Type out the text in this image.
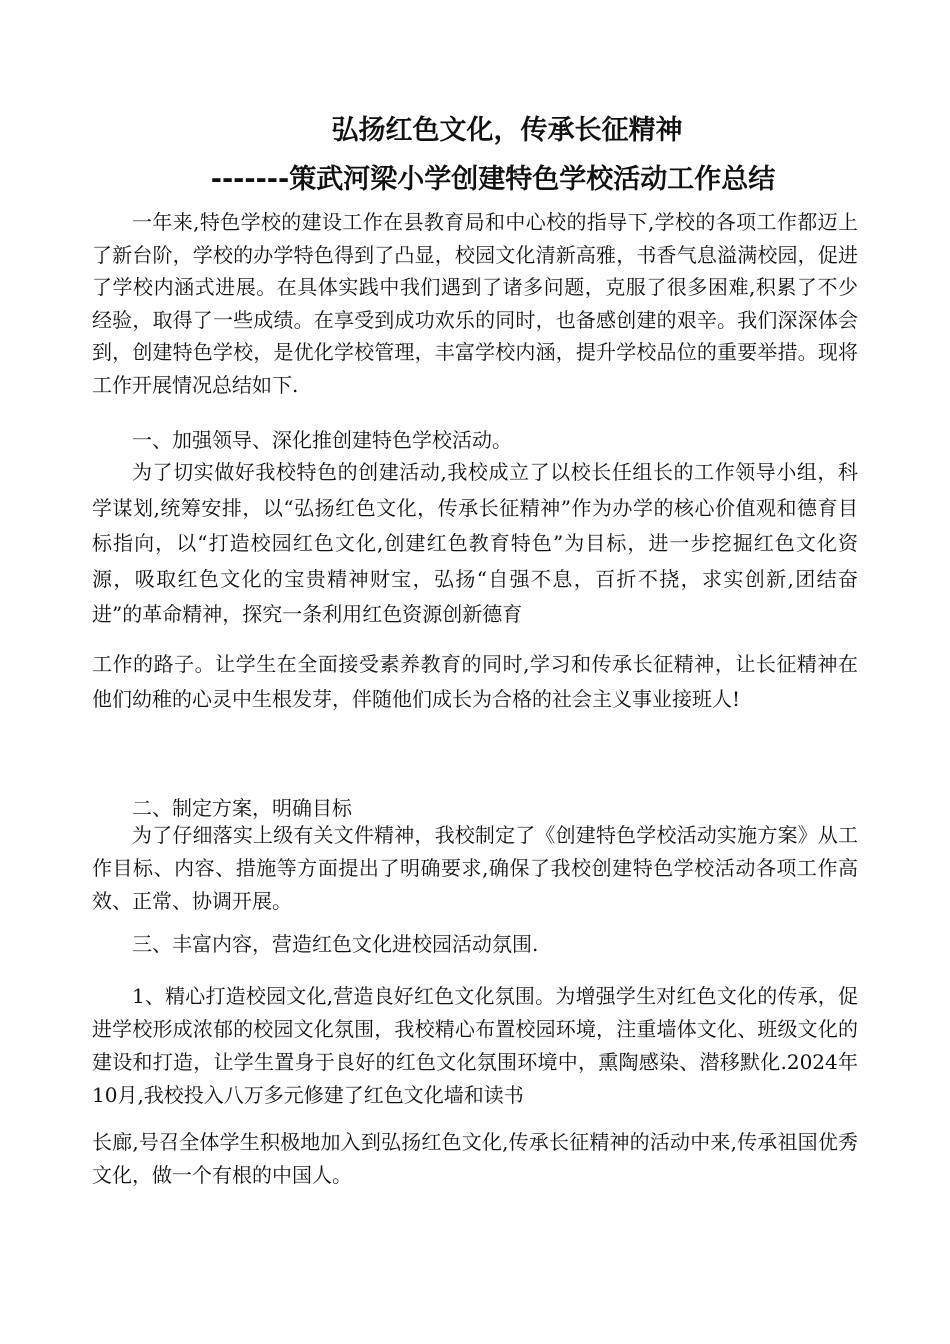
弘扬红色文化，传承长征精神
-------策武河梁小学创建特色学校活动工作总结

一年来,特色学校的建设工作在县教育局和中心校的指导下,学校的各项工作都迈上了新台阶，学校的办学特色得到了凸显，校园文化清新高雅，书香气息溢满校园，促进了学校内涵式进展。在具体实践中我们遇到了诸多问题，克服了很多困难,积累了不少经验，取得了一些成绩。在享受到成功欢乐的同时，也备感创建的艰辛。我们深深体会到，创建特色学校，是优化学校管理，丰富学校内涵，提升学校品位的重要举措。现将工作开展情况总结如下.

一、加强领导、深化推创建特色学校活动。

为了切实做好我校特色的创建活动,我校成立了以校长任组长的工作领导小组，科学谋划,统筹安排，以“弘扬红色文化，传承长征精神”作为办学的核心价值观和德育目标指向，以“打造校园红色文化,创建红色教育特色”为目标，进一步挖掘红色文化资源，吸取红色文化的宝贵精神财宝，弘扬“自强不息，百折不挠，求实创新,团结奋进”的革命精神，探究一条利用红色资源创新德育
工作的路子。让学生在全面接受素养教育的同时,学习和传承长征精神，让长征精神在他们幼稚的心灵中生根发芽，伴随他们成长为合格的社会主义事业接班人!

二、制定方案，明确目标

为了仔细落实上级有关文件精神，我校制定了《创建特色学校活动实施方案》从工作目标、内容、措施等方面提出了明确要求,确保了我校创建特色学校活动各项工作高效、正常、协调开展。

三、丰富内容，营造红色文化进校园活动氛围.

1、精心打造校园文化,营造良好红色文化氛围。为增强学生对红色文化的传承，促进学校形成浓郁的校园文化氛围，我校精心布置校园环境，注重墙体文化、班级文化的建设和打造，让学生置身于良好的红色文化氛围环境中，熏陶感染、潜移默化.2024年10月,我校投入八万多元修建了红色文化墙和读书
长廊,号召全体学生积极地加入到弘扬红色文化,传承长征精神的活动中来,传承祖国优秀文化，做一个有根的中国人。
